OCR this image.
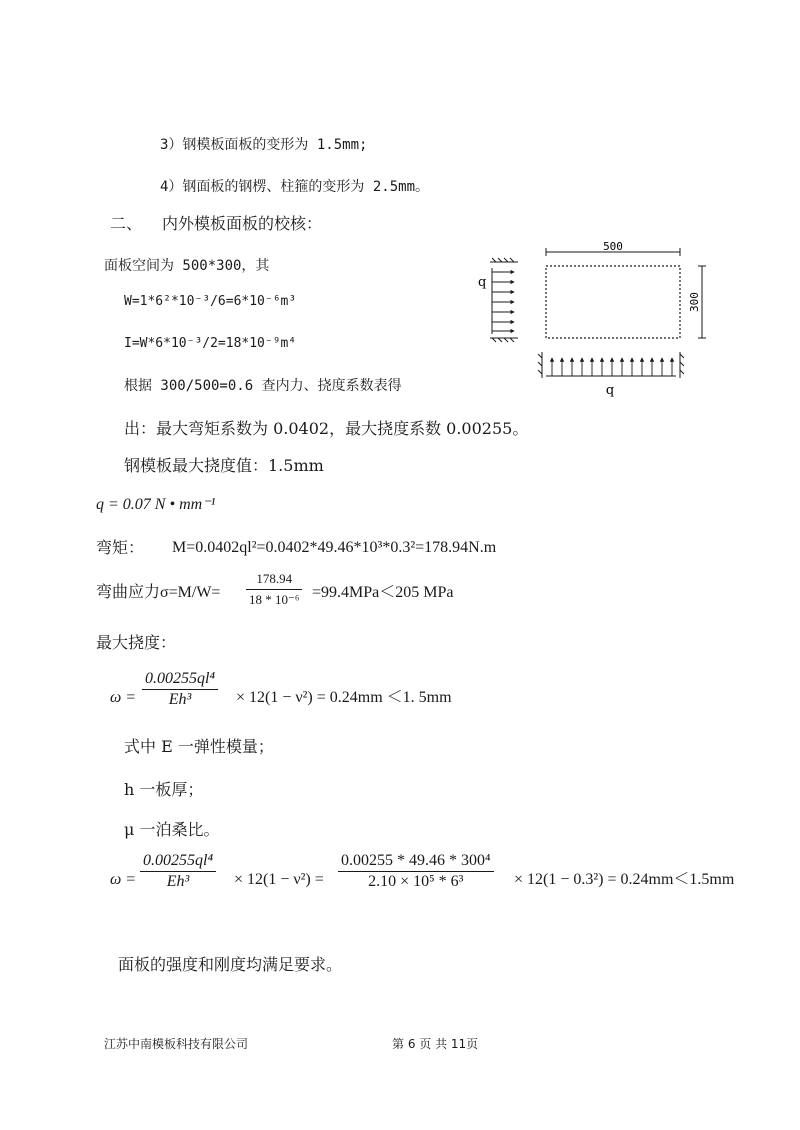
3）钢模板面板的变形为 1.5mm;
4）钢面板的钢楞、柱箍的变形为 2.5mm。
二、 内外模板面板的校核：
面板空间为 500*300，其
W=1*6²*10⁻³/6=6*10⁻⁶m³
I=W*6*10⁻³/2=18*10⁻⁹m⁴
根据 300/500=0.6 查内力、挠度系数表得
出：最大弯矩系数为 0.0402，最大挠度系数 0.00255。
钢模板最大挠度值：1.5mm
q = 0.07 N • mm⁻¹
弯矩： M=0.0402ql²=0.0402*49.46*10³*0.3²=178.94N.m
弯曲应力σ=M/W=
178.94
18 * 10⁻⁶ =99.4MPa＜205 MPa
最大挠度：
ω =
0.00255ql⁴
Eh³	× 12(1 − ν²) = 0.24mm ＜1. 5mm
式中 E 一弹性模量；
h 一板厚；
μ 一泊桑比。
ω =
0.00255ql⁴
Eh³	× 12(1 − ν²) =
0.00255 * 49.46 * 300⁴
2.10 × 10⁵ * 6³	× 12(1 − 0.3²) = 0.24mm＜1.5mm
面板的强度和刚度均满足要求。
江苏中南模板科技有限公司	第 6 页 共 11页
500
300
q
q
